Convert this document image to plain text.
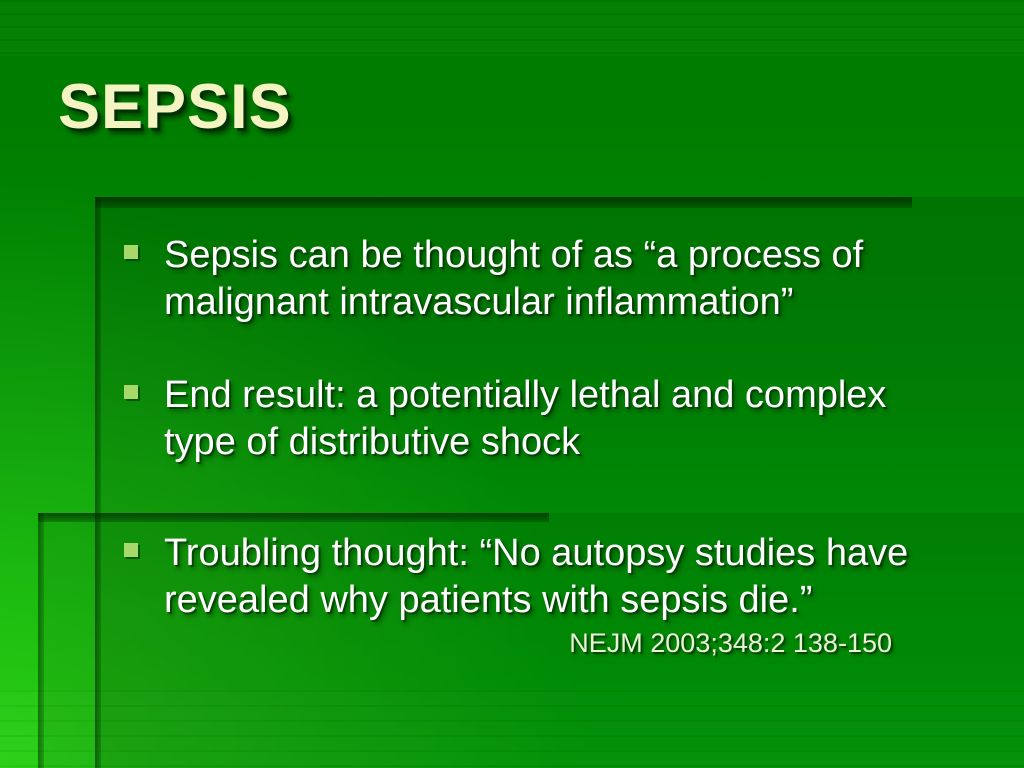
SEPSIS
Sepsis can be thought of as “a process of malignant intravascular inflammation”
End result: a potentially lethal and complex type of distributive shock
Troubling thought: “No autopsy studies have revealed why patients with sepsis die.”
NEJM 2003;348:2 138-150
